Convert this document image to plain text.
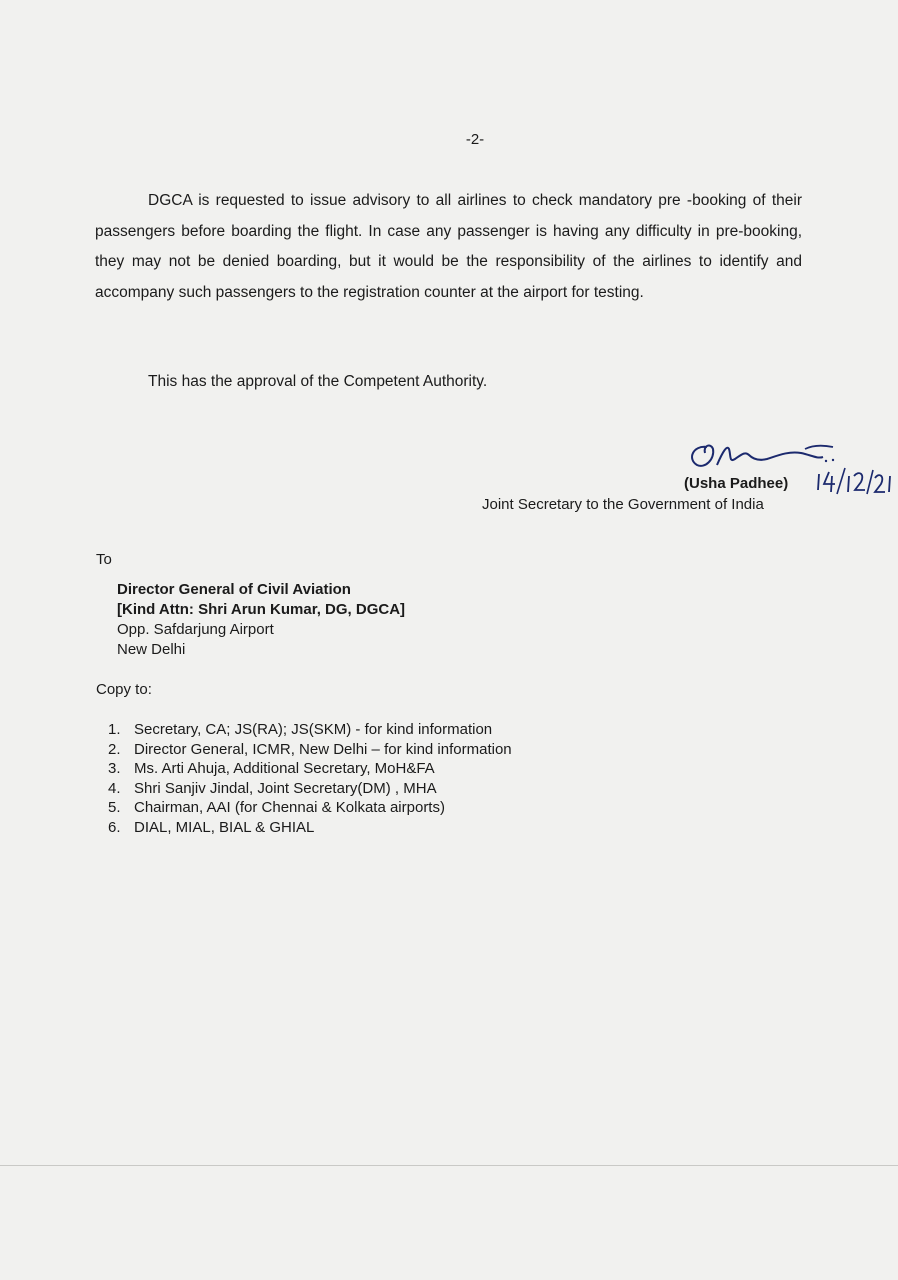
-2-

DGCA is requested to issue advisory to all airlines to check mandatory pre -booking of their passengers before boarding the flight. In case any passenger is having any difficulty in pre-booking, they may not be denied boarding, but it would be the responsibility of the airlines to identify and accompany such passengers to the registration counter at the airport for testing.

This has the approval of the Competent Authority.

(Usha Padhee)
Joint Secretary to the Government of India
To
Director General of Civil Aviation
[Kind Attn: Shri Arun Kumar, DG, DGCA]
Opp. Safdarjung Airport
New Delhi
Copy to:
1. Secretary, CA; JS(RA); JS(SKM) - for kind information
2. Director General, ICMR, New Delhi – for kind information
3. Ms. Arti Ahuja, Additional Secretary, MoH&FA
4. Shri Sanjiv Jindal, Joint Secretary(DM) , MHA
5. Chairman, AAI (for Chennai & Kolkata airports)
6. DIAL, MIAL, BIAL & GHIAL
